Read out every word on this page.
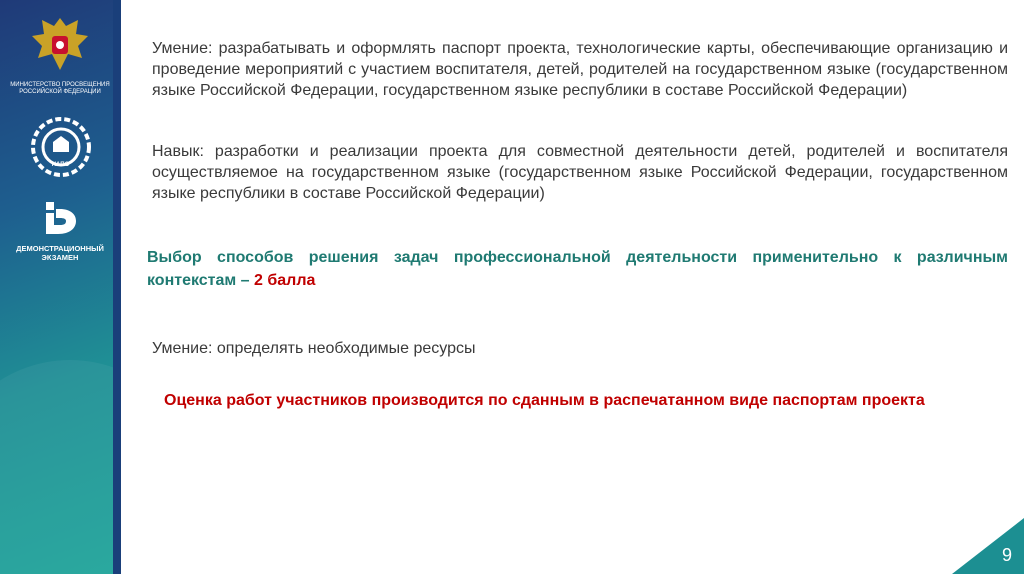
МИНИСТЕРСТВО ПРОСВЕЩЕНИЯ
РОССИЙСКОЙ ФЕДЕРАЦИИ
НАПО
ДЕМОНСТРАЦИОННЫЙ
ЭКЗАМЕН
Умение: разрабатывать и оформлять паспорт проекта, технологические карты, обеспечивающие организацию и проведение мероприятий с участием воспитателя, детей, родителей на государственном языке (государственном языке Российской Федерации, государственном языке республики в составе Российской Федерации)
Навык: разработки и реализации проекта для совместной деятельности детей, родителей и воспитателя осуществляемое на государственном языке (государственном языке Российской Федерации, государственном языке республики в составе Российской Федерации)
Выбор способов решения задач профессиональной деятельности применительно к различным контекстам – 2 балла
Умение: определять необходимые ресурсы
Оценка работ участников производится по сданным в распечатанном виде паспортам проекта
9
